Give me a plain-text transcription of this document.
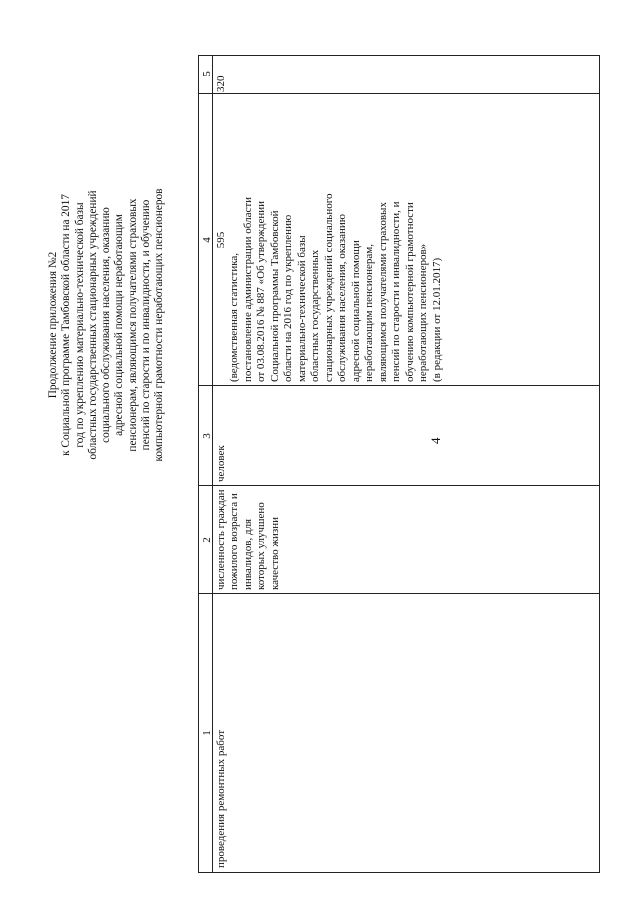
4
Продолжение приложения №2 к Социальной программе Тамбовской области на 2017 год по укреплению материально-технической базы областных государственных стационарных учреждений социального обслуживания населения, оказанию адресной социальной помощи неработающим пенсионерам, являющимся получателями страховых пенсий по старости и по инвалидности, и обучению компьютерной грамотности неработающих пенсионеров
1
2
3
4
5
проведения ремонтных работ
численность граждан пожилого возраста и инвалидов, для которых улучшено качество жизни
человек
595
(ведомственная статистика, постановление администрации области от 03.08.2016 № 887 «Об утверждении Социальной программы Тамбовской области на 2016 год по укреплению материально-технической базы областных государственных стационарных учреждений социального обслуживания населения, оказанию адресной социальной помощи неработающим пенсионерам, являющимся получателями страховых пенсий по старости и инвалидности, и обучению компьютерной грамотности неработающих пенсионеров» (в редакции от 12.01.2017)
320
